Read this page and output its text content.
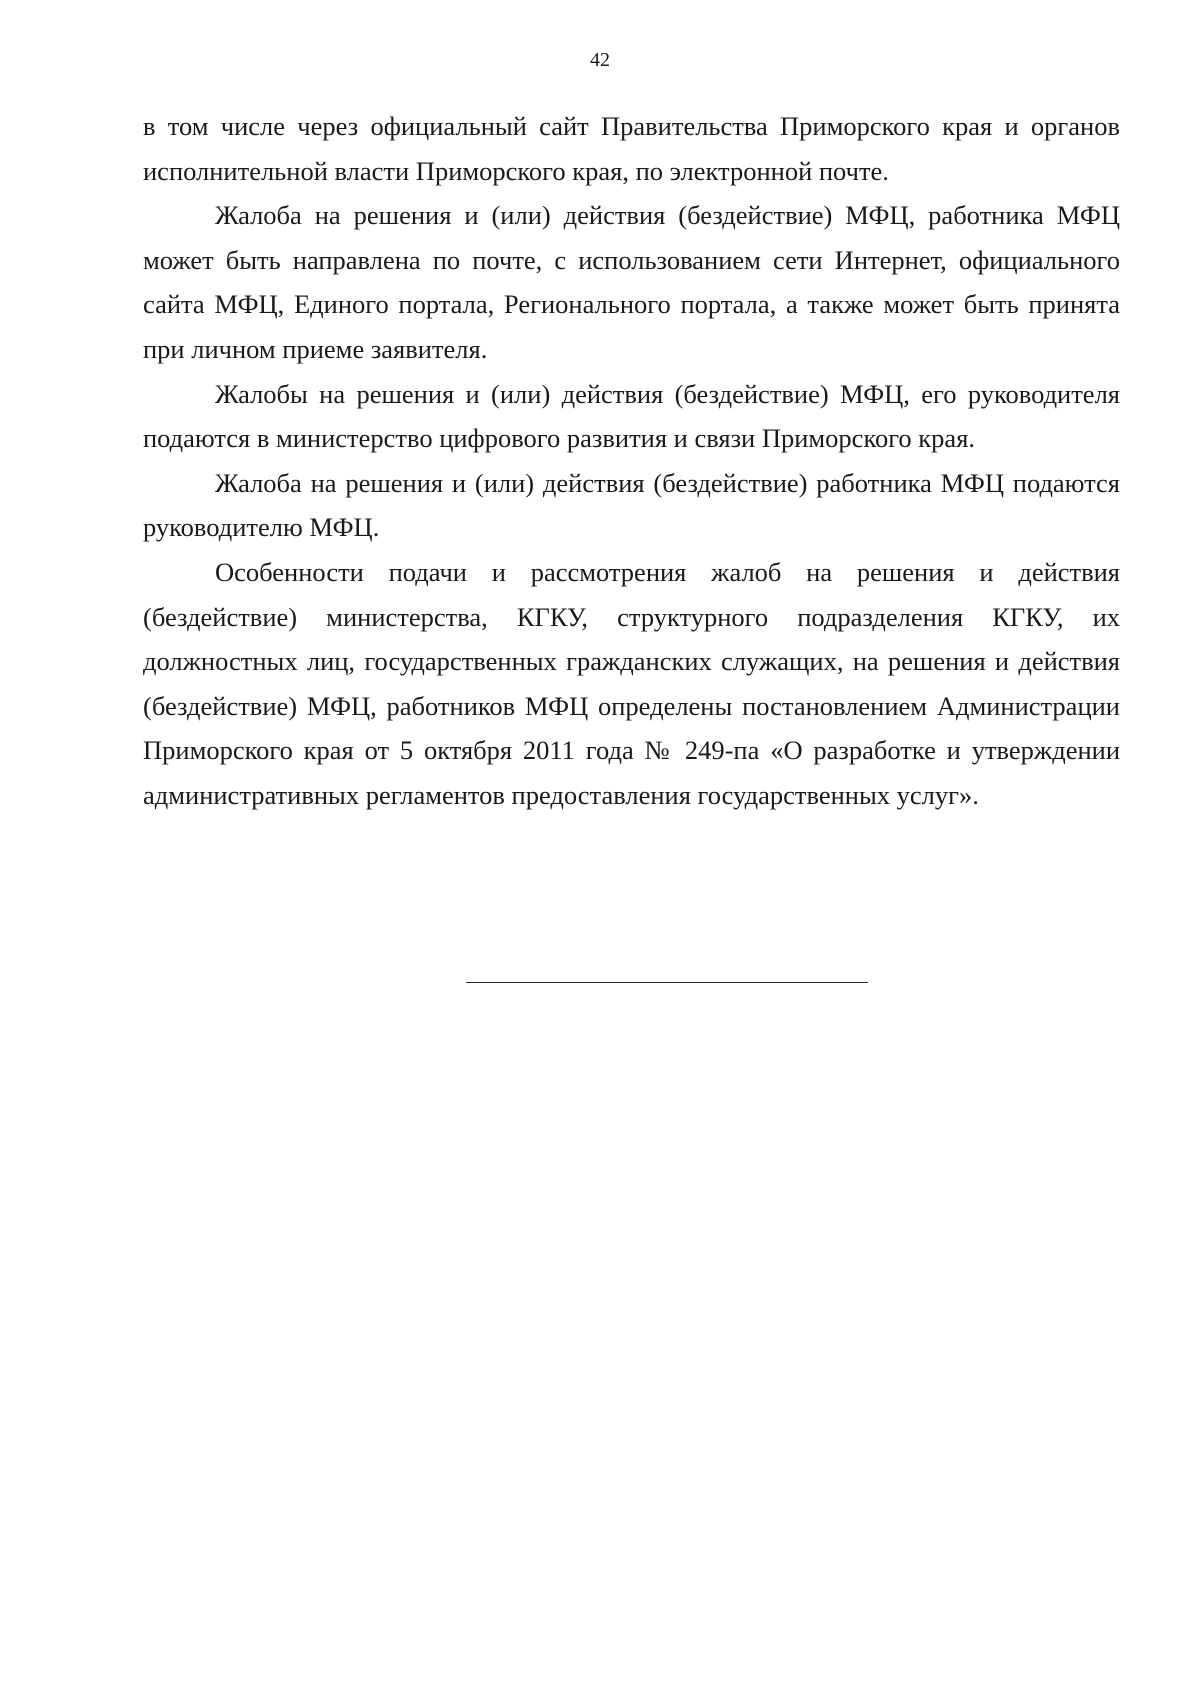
42

в том числе через официальный сайт Правительства Приморского края и органов исполнительной власти Приморского края, по электронной почте.

Жалоба на решения и (или) действия (бездействие) МФЦ, работника МФЦ может быть направлена по почте, с использованием сети Интернет, официального сайта МФЦ, Единого портала, Регионального портала, а также может быть принята при личном приеме заявителя.

Жалобы на решения и (или) действия (бездействие) МФЦ, его руководителя подаются в министерство цифрового развития и связи Приморского края.

Жалоба на решения и (или) действия (бездействие) работника МФЦ подаются руководителю МФЦ.

Особенности подачи и рассмотрения жалоб на решения и действия (бездействие) министерства, КГКУ, структурного подразделения КГКУ, их должностных лиц, государственных гражданских служащих, на решения и действия (бездействие) МФЦ, работников МФЦ определены постановлением Администрации Приморского края от 5 октября 2011 года № 249-па «О разработке и утверждении административных регламентов предоставления государственных услуг».
